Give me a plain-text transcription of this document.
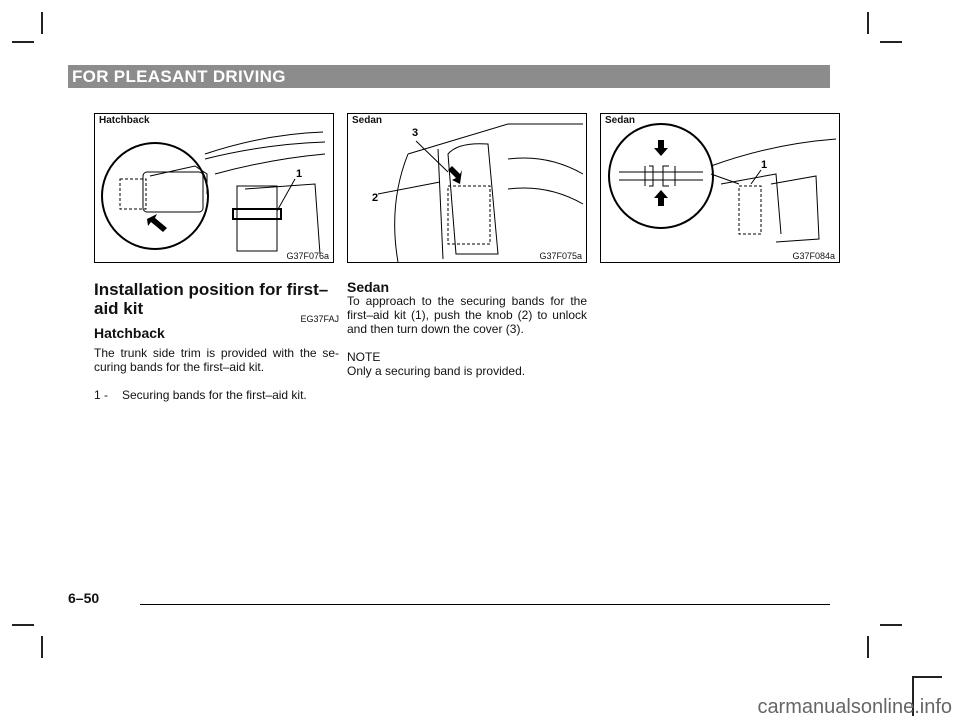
FOR PLEASANT DRIVING
1
Hatchback
G37F076a
3
2
Sedan
G37F075a
1
Sedan
G37F084a
Installation position for first–aid kit
EG37FAJ
Hatchback

The trunk side trim is provided with the se-curing bands for the first–aid kit.

1 -	Securing bands for the first–aid kit.
Sedan

To approach to the securing bands for the first–aid kit (1), push the knob (2) to unlock and then turn down the cover (3).

NOTE
Only a securing band is provided.
6–50
carmanualsonline.info
